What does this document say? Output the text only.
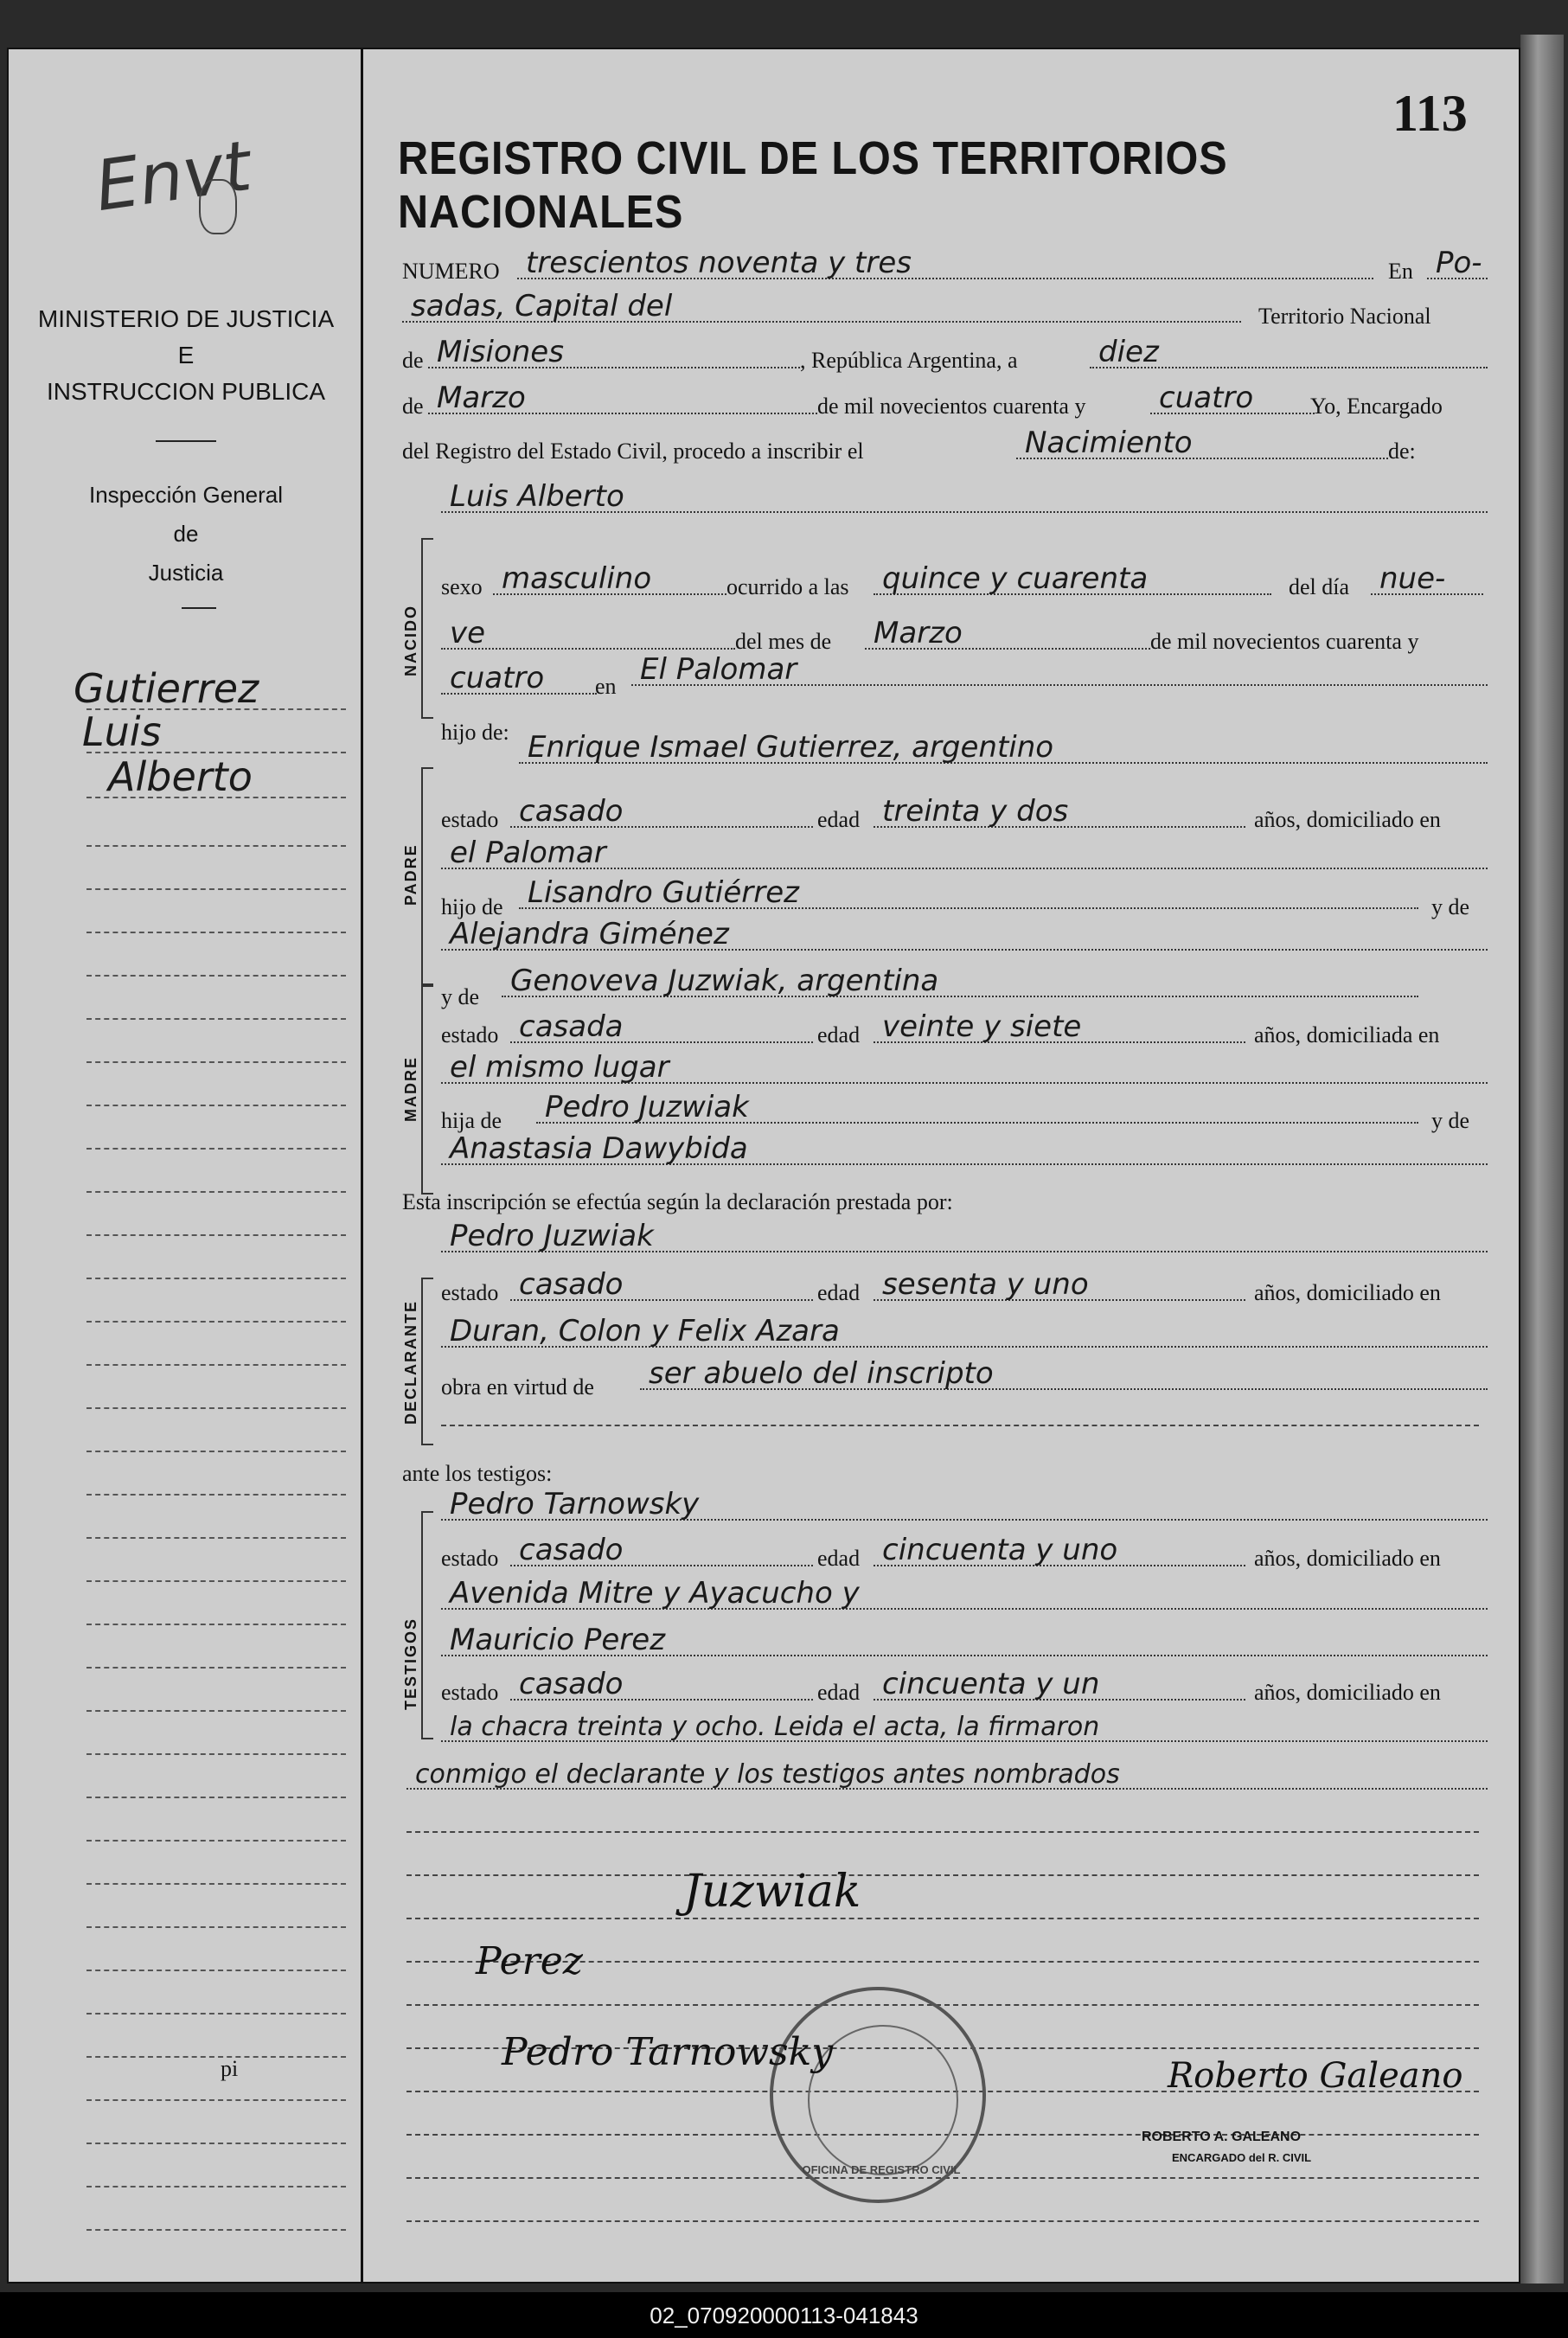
Envt
MINISTERIO DE JUSTICIA
E
INSTRUCCION PUBLICA
Inspección General
de
Justicia
Gutierrez
Luis
Alberto
pi
113
REGISTRO CIVIL DE LOS TERRITORIOS NACIONALES
NUMERO trescientos noventa y tres	En Po-
sadas, Capital del	Territorio Nacional
de Misiones	, República Argentina, a	diez
de Marzo	de mil novecientos cuarenta y cuatro	Yo, Encargado
del Registro del Estado Civil, procedo a inscribir el	Nacimiento	de:
NACIDO
Luis Alberto
sexo masculino	ocurrido a las quince y cuarenta	del día nue-
ve	del mes de Marzo	de mil novecientos cuarenta y
cuatro	en El Palomar
hijo de:
PADRE
Enrique Ismael Gutierrez, argentino
estado casado	edad treinta y dos	años, domiciliado en
el Palomar
hijo de Lisandro Gutiérrez	y de
Alejandra Giménez
MADRE
y de Genoveva Juzwiak, argentina
estado casada	edad veinte y siete	años, domiciliada en
el mismo lugar
hija de Pedro Juzwiak	y de
Anastasia Dawybida
Esta inscripción se efectúa según la declaración prestada por:
Pedro Juzwiak
DECLARANTE
estado casado	edad sesenta y uno	años, domiciliado en
Duran, Colon y Felix Azara
obra en virtud de ser abuelo del inscripto
ante los testigos:
Pedro Tarnowsky
TESTIGOS
estado casado	edad cincuenta y uno	años, domiciliado en
Avenida Mitre y Ayacucho y
Mauricio Perez
estado casado	edad cincuenta y un	años, domiciliado en
la chacra treinta y ocho. Leida el acta, la firmaron
conmigo el declarante y los testigos antes nombrados
OFICINA DE REGISTRO CIVIL
Juzwiak
Perez
Pedro Tarnowsky
Roberto Galeano
ROBERTO A. GALEANO
ENCARGADO del R. CIVIL
02_070920000113-041843
